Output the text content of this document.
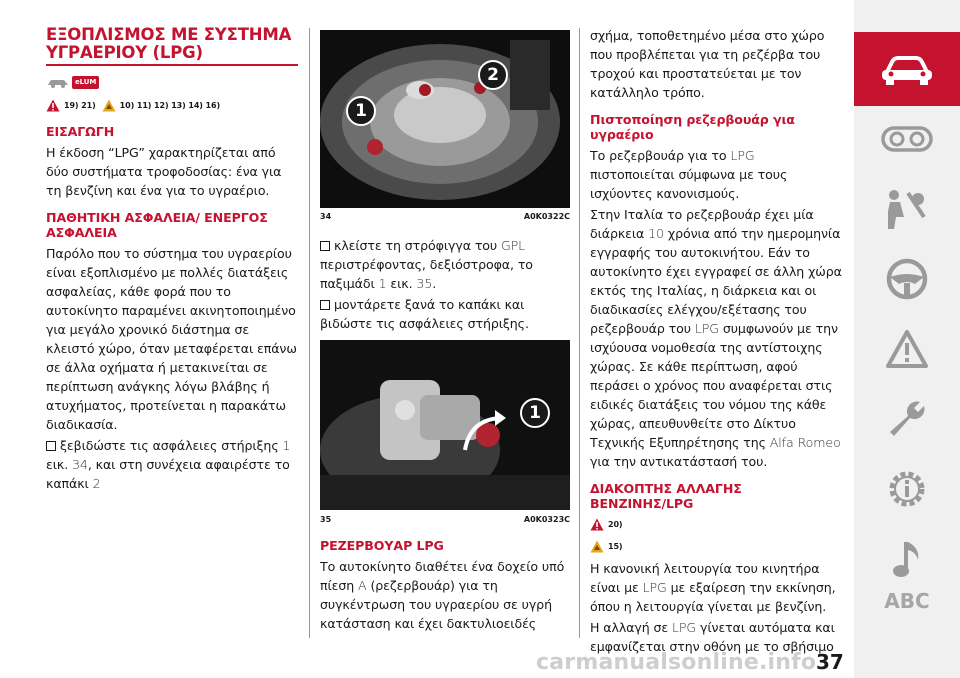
ΕΞΟΠΛΙΣΜΟΣ ΜΕ ΣΥΣΤΗΜΑ
ΥΓΡΑΕΡΙΟΥ (LPG)
eLUM
19) 21)	10) 11) 12) 13) 14) 16)
ΕΙΣΑΓΩΓΗ

Η έκδοση “LPG” χαρακτηρίζεται από δύο συστήματα τροφοδοσίας: ένα για τη βενζίνη και ένα για το υγραέριο.

ΠΑΘΗΤΙΚΗ ΑΣΦΑΛΕΙΑ/ ΕΝΕΡΓΟΣ ΑΣΦΑΛΕΙΑ

Παρόλο που το σύστημα του υγραερίου είναι εξοπλισμένο με πολλές διατάξεις ασφαλείας, κάθε φορά που το αυτοκίνητο παραμένει ακινητοποιημένο για μεγάλο χρονικό διάστημα σε κλειστό χώρο, όταν μεταφέρεται επάνω σε άλλα οχήματα ή μετακινείται σε περίπτωση ανάγκης λόγω βλάβης ή ατυχήματος, προτείνεται η παρακάτω διαδικασία.

ξεβιδώστε τις ασφάλειες στήριξης 1 εικ. 34, και στη συνέχεια αφαιρέστε το καπάκι 2

1
2
34	A0K0322C

κλείστε τη στρόφιγγα του GPL περιστρέφοντας, δεξιόστροφα, το παξιμάδι 1 εικ. 35.

μοντάρετε ξανά το καπάκι και βιδώστε τις ασφάλειες στήριξης.

1
35	A0K0323C
ΡΕΖΕΡΒΟΥΑΡ LPG

Το αυτοκίνητο διαθέτει ένα δοχείο υπό πίεση A (ρεζερβουάρ) για τη συγκέντρωση του υγραερίου σε υγρή κατάσταση και έχει δακτυλιοειδές

σχήμα, τοποθετημένο μέσα στο χώρο που προβλέπεται για τη ρεζέρβα του τροχού και προστατεύεται με τον κατάλληλο τρόπο.

Πιστοποίηση ρεζερβουάρ για υγραέριο

Το ρεζερβουάρ για το LPG πιστοποιείται σύμφωνα με τους ισχύοντες κανονισμούς.

Στην Ιταλία το ρεζερβουάρ έχει μία διάρκεια 10 χρόνια από την ημερομηνία εγγραφής του αυτοκινήτου. Εάν το αυτοκίνητο έχει εγγραφεί σε άλλη χώρα εκτός της Ιταλίας, η διάρκεια και οι διαδικασίες ελέγχου/εξέτασης του ρεζερβουάρ του LPG συμφωνούν με την ισχύουσα νομοθεσία της αντίστοιχης χώρας. Σε κάθε περίπτωση, αφού περάσει ο χρόνος που αναφέρεται στις ειδικές διατάξεις του νόμου της κάθε χώρας, απευθυνθείτε στο Δίκτυο Τεχνικής Εξυπηρέτησης της Alfa Romeo για την αντικατάστασή του.

ΔΙΑΚΟΠΤΗΣ ΑΛΛΑΓΗΣ ΒΕΝΖΙΝΗΣ/LPG
20)
15)

Η κανονική λειτουργία του κινητήρα είναι με LPG με εξαίρεση την εκκίνηση, όπου η λειτουργία γίνεται με βενζίνη.

Η αλλαγή σε LPG γίνεται αυτόματα και εμφανίζεται στην οθόνη με το σβήσιμο

ABC
37
carmanualsonline.info
